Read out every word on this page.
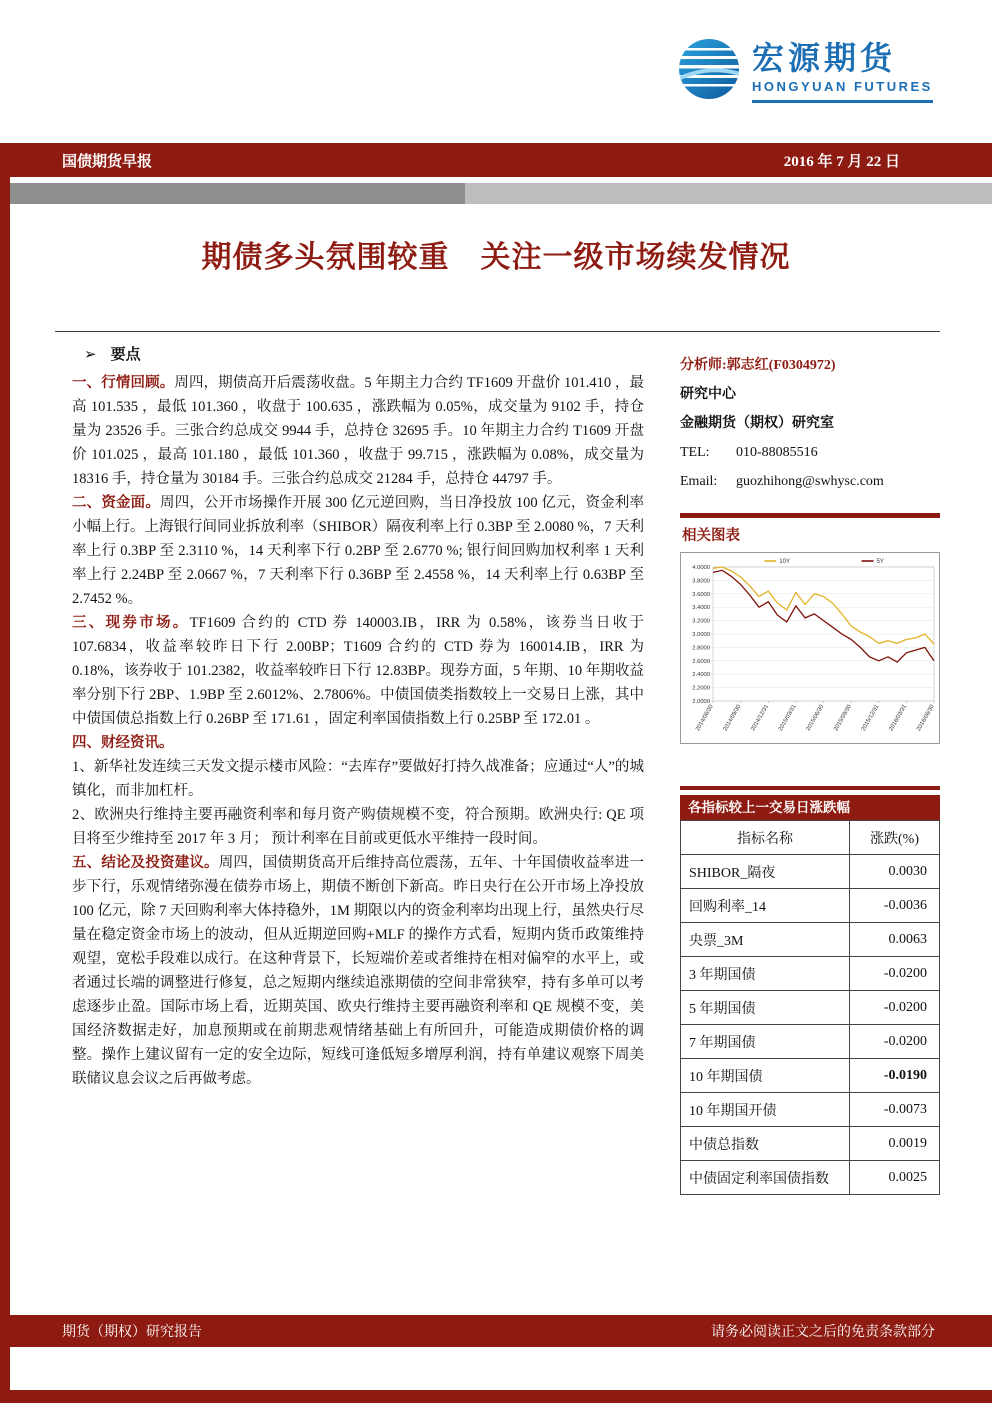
宏源期货
HONGYUAN FUTURES
国债期货早报	2016 年 7 月 22 日
期债多头氛围较重　关注一级市场续发情况
➢ 要点

一、行情回顾。周四，期债高开后震荡收盘。5 年期主力合约 TF1609 开盘价 101.410 ，最高 101.535 ，最低 101.360 ，收盘于 100.635 ，涨跌幅为 0.05%，成交量为 9102 手，持仓量为 23526 手。三张合约总成交 9944 手，总持仓 32695 手。10 年期主力合约 T1609 开盘价 101.025 ，最高 101.180 ，最低 101.360 ，收盘于 99.715 ，涨跌幅为 0.08%，成交量为 18316 手，持仓量为 30184 手。三张合约总成交 21284 手，总持仓 44797 手。

二、资金面。周四，公开市场操作开展 300 亿元逆回购，当日净投放 100 亿元，资金利率小幅上行。上海银行间同业拆放利率（SHIBOR）隔夜利率上行 0.3BP 至 2.0080 %，7 天利率上行 0.3BP 至 2.3110 %，14 天利率下行 0.2BP 至 2.6770 %; 银行间回购加权利率 1 天利率上行 2.24BP 至 2.0667 %，7 天利率下行 0.36BP 至 2.4558 %，14 天利率上行 0.63BP 至 2.7452 %。

三、现券市场。TF1609 合约的 CTD 券 140003.IB，IRR 为 0.58%，该券当日收于 107.6834，收益率较昨日下行 2.00BP；T1609 合约的 CTD 券为 160014.IB，IRR 为 0.18%，该券收于 101.2382，收益率较昨日下行 12.83BP。现券方面，5 年期、10 年期收益率分别下行 2BP、1.9BP 至 2.6012%、2.7806%。中债国债类指数较上一交易日上涨，其中中债国债总指数上行 0.26BP 至 171.61 ，固定利率国债指数上行 0.25BP 至 172.01 。

四、财经资讯。

1、新华社发连续三天发文提示楼市风险：“去库存”要做好打持久战准备；应通过“人”的城镇化，而非加杠杆。

2、欧洲央行维持主要再融资利率和每月资产购债规模不变，符合预期。欧洲央行: QE 项目将至少维持至 2017 年 3 月； 预计利率在目前或更低水平维持一段时间。

五、结论及投资建议。周四，国债期货高开后维持高位震荡，五年、十年国债收益率进一步下行，乐观情绪弥漫在债券市场上，期债不断创下新高。昨日央行在公开市场上净投放 100 亿元，除 7 天回购利率大体持稳外，1M 期限以内的资金利率均出现上行，虽然央行尽量在稳定资金市场上的波动，但从近期逆回购+MLF 的操作方式看，短期内货币政策维持观望，宽松手段难以成行。在这种背景下，长短端价差或者维持在相对偏窄的水平上，或者通过长端的调整进行修复，总之短期内继续追涨期债的空间非常狭窄，持有多单可以考虑逐步止盈。国际市场上看，近期英国、欧央行维持主要再融资利率和 QE 规模不变，美国经济数据走好，加息预期或在前期悲观情绪基础上有所回升，可能造成期债价格的调整。操作上建议留有一定的安全边际，短线可逢低短多增厚利润，持有单建议观察下周美联储议息会议之后再做考虑。

分析师:郭志红(F0304972)
研究中心
金融期货（期权）研究室
TEL: 010-88085516
Email: guozhihong@swhysc.com
相关图表
2.0000
2.2000
2.4000
2.6000
2.8000
3.0000
3.2000
3.4000
3.6000
3.8000
4.0000
2014/06/30 2014/09/30 2014/12/31 2015/03/31 2015/06/30 2015/09/30 2015/12/31 2016/03/31 2016/06/30
10Y	5Y
各指标较上一交易日涨跌幅
指标名称	涨跌(%)
SHIBOR_隔夜	0.0030
回购利率_14	-0.0036
央票_3M	0.0063
3 年期国债	-0.0200
5 年期国债	-0.0200
7 年期国债	-0.0200
10 年期国债	-0.0190
10 年期国开债	-0.0073
中债总指数	0.0019
中债固定利率国债指数	0.0025
期货（期权）研究报告	请务必阅读正文之后的免责条款部分
